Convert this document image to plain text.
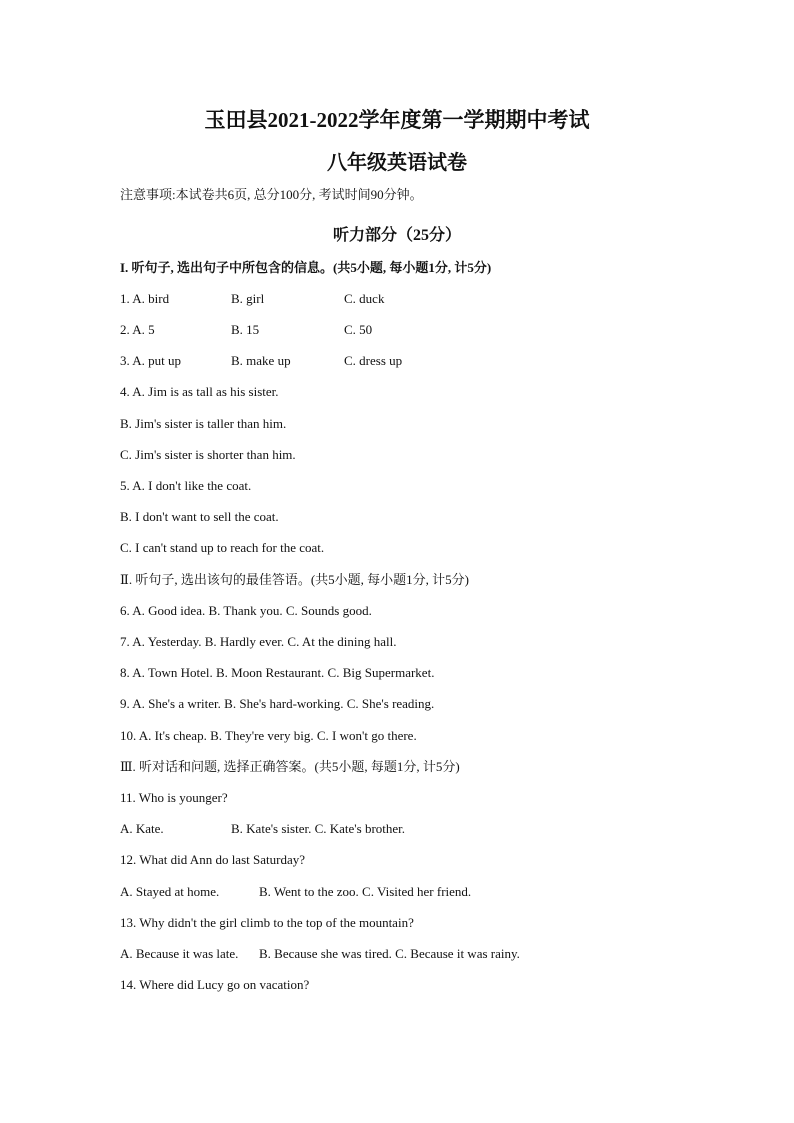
玉田县2021-2022学年度第一学期期中考试
八年级英语试卷
注意事项:本试卷共6页, 总分100分, 考试时间90分钟。
听力部分（25分）
I. 听句子, 选出句子中所包含的信息。(共5小题, 每小题1分, 计5分)
1. A. bird	B. girl	C. duck
2. A. 5	B. 15	C. 50
3. A. put up	B. make up	C. dress up
4. A. Jim is as tall as his sister.
B. Jim's sister is taller than him.
C. Jim's sister is shorter than him.
5. A. I don't like the coat.
B. I don't want to sell the coat.
C. I can't stand up to reach for the coat.
Ⅱ. 听句子, 选出该句的最佳答语。(共5小题, 每小题1分, 计5分)
6. A. Good idea. B. Thank you. C. Sounds good.
7. A. Yesterday. B. Hardly ever. C. At the dining hall.
8. A. Town Hotel. B. Moon Restaurant. C. Big Supermarket.
9. A. She's a writer. B. She's hard-working. C. She's reading.
10. A. It's cheap. B. They're very big. C. I won't go there.
Ⅲ. 听对话和问题, 选择正确答案。(共5小题, 每题1分, 计5分)
11. Who is younger?
A. Kate.	B. Kate's sister. C. Kate's brother.
12. What did Ann do last Saturday?
A. Stayed at home.	B. Went to the zoo. C. Visited her friend.
13. Why didn't the girl climb to the top of the mountain?
A. Because it was late. B. Because she was tired. C. Because it was rainy.
14. Where did Lucy go on vacation?
